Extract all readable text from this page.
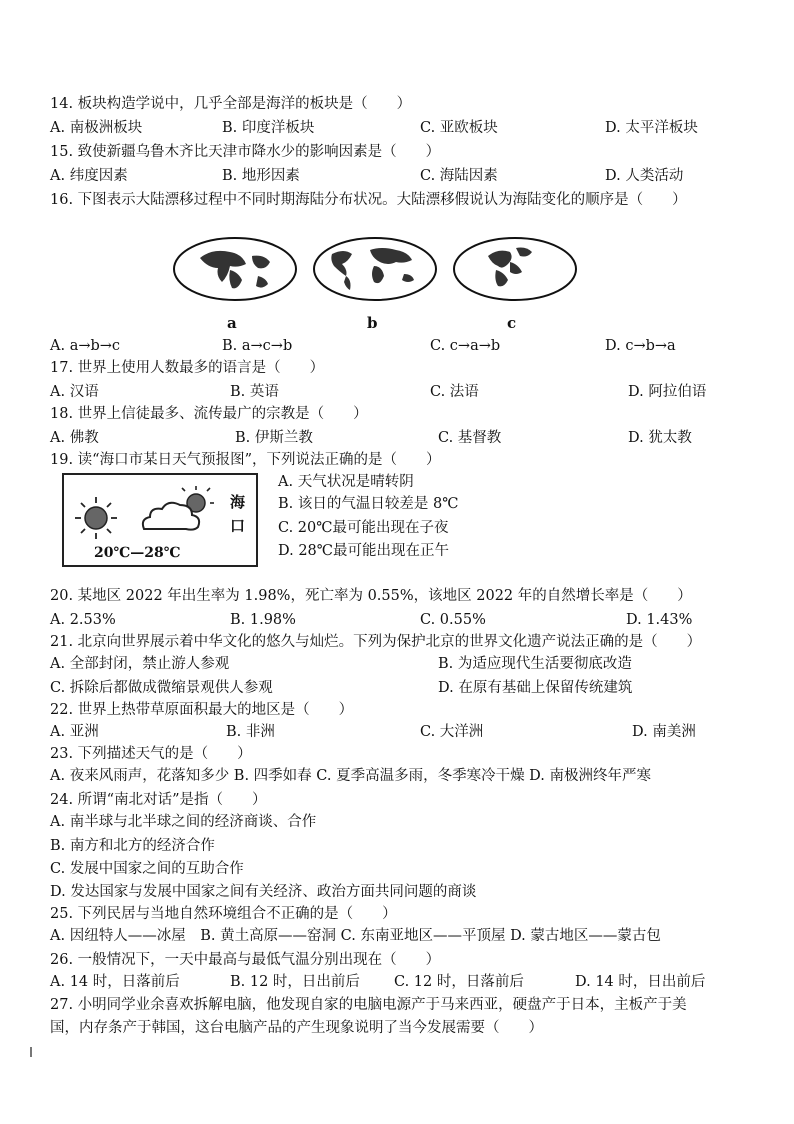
14. 板块构造学说中，几乎全部是海洋的板块是（　　）
A. 南极洲板块	B. 印度洋板块	C. 亚欧板块	D. 太平洋板块
15. 致使新疆乌鲁木齐比天津市降水少的影响因素是（　　）
A. 纬度因素	B. 地形因素	C. 海陆因素	D. 人类活动
16. 下图表示大陆漂移过程中不同时期海陆分布状况。大陆漂移假说认为海陆变化的顺序是（　　）
a	b	c
A. a→b→c	B. a→c→b	C. c→a→b	D. c→b→a
17. 世界上使用人数最多的语言是（　　）
A. 汉语	B. 英语	C. 法语	D. 阿拉伯语
18. 世界上信徒最多、流传最广的宗教是（　　）
A. 佛教	B. 伊斯兰教	C. 基督教	D. 犹太教
19. 读“海口市某日天气预报图”，下列说法正确的是（　　）
海
口
20℃—28℃
A. 天气状况是晴转阴
B. 该日的气温日较差是 8℃
C. 20℃最可能出现在子夜
D. 28℃最可能出现在正午
20. 某地区 2022 年出生率为 1.98%，死亡率为 0.55%，该地区 2022 年的自然增长率是（　　）
A. 2.53%	B. 1.98%	C. 0.55%	D. 1.43%
21. 北京向世界展示着中华文化的悠久与灿烂。下列为保护北京的世界文化遗产说法正确的是（　　）
A. 全部封闭，禁止游人参观	B. 为适应现代生活要彻底改造
C. 拆除后都做成微缩景观供人参观	D. 在原有基础上保留传统建筑
22. 世界上热带草原面积最大的地区是（　　）
A. 亚洲	B. 非洲	C. 大洋洲	D. 南美洲
23. 下列描述天气的是（　　）
A. 夜来风雨声，花落知多少 B. 四季如春 C. 夏季高温多雨，冬季寒冷干燥 D. 南极洲终年严寒
24. 所谓“南北对话”是指（　　）
A. 南半球与北半球之间的经济商谈、合作
B. 南方和北方的经济合作
C. 发展中国家之间的互助合作
D. 发达国家与发展中国家之间有关经济、政治方面共同问题的商谈
25. 下列民居与当地自然环境组合不正确的是（　　）
A. 因纽特人——冰屋　B. 黄土高原——窑洞 C. 东南亚地区——平顶屋 D. 蒙古地区——蒙古包
26. 一般情况下，一天中最高与最低气温分别出现在（　　）
A. 14 时，日落前后	B. 12 时，日出前后 C. 12 时，日落前后	D. 14 时，日出前后
27. 小明同学业余喜欢拆解电脑，他发现自家的电脑电源产于马来西亚，硬盘产于日本，主板产于美
国，内存条产于韩国，这台电脑产品的产生现象说明了当今发展需要（　　）
